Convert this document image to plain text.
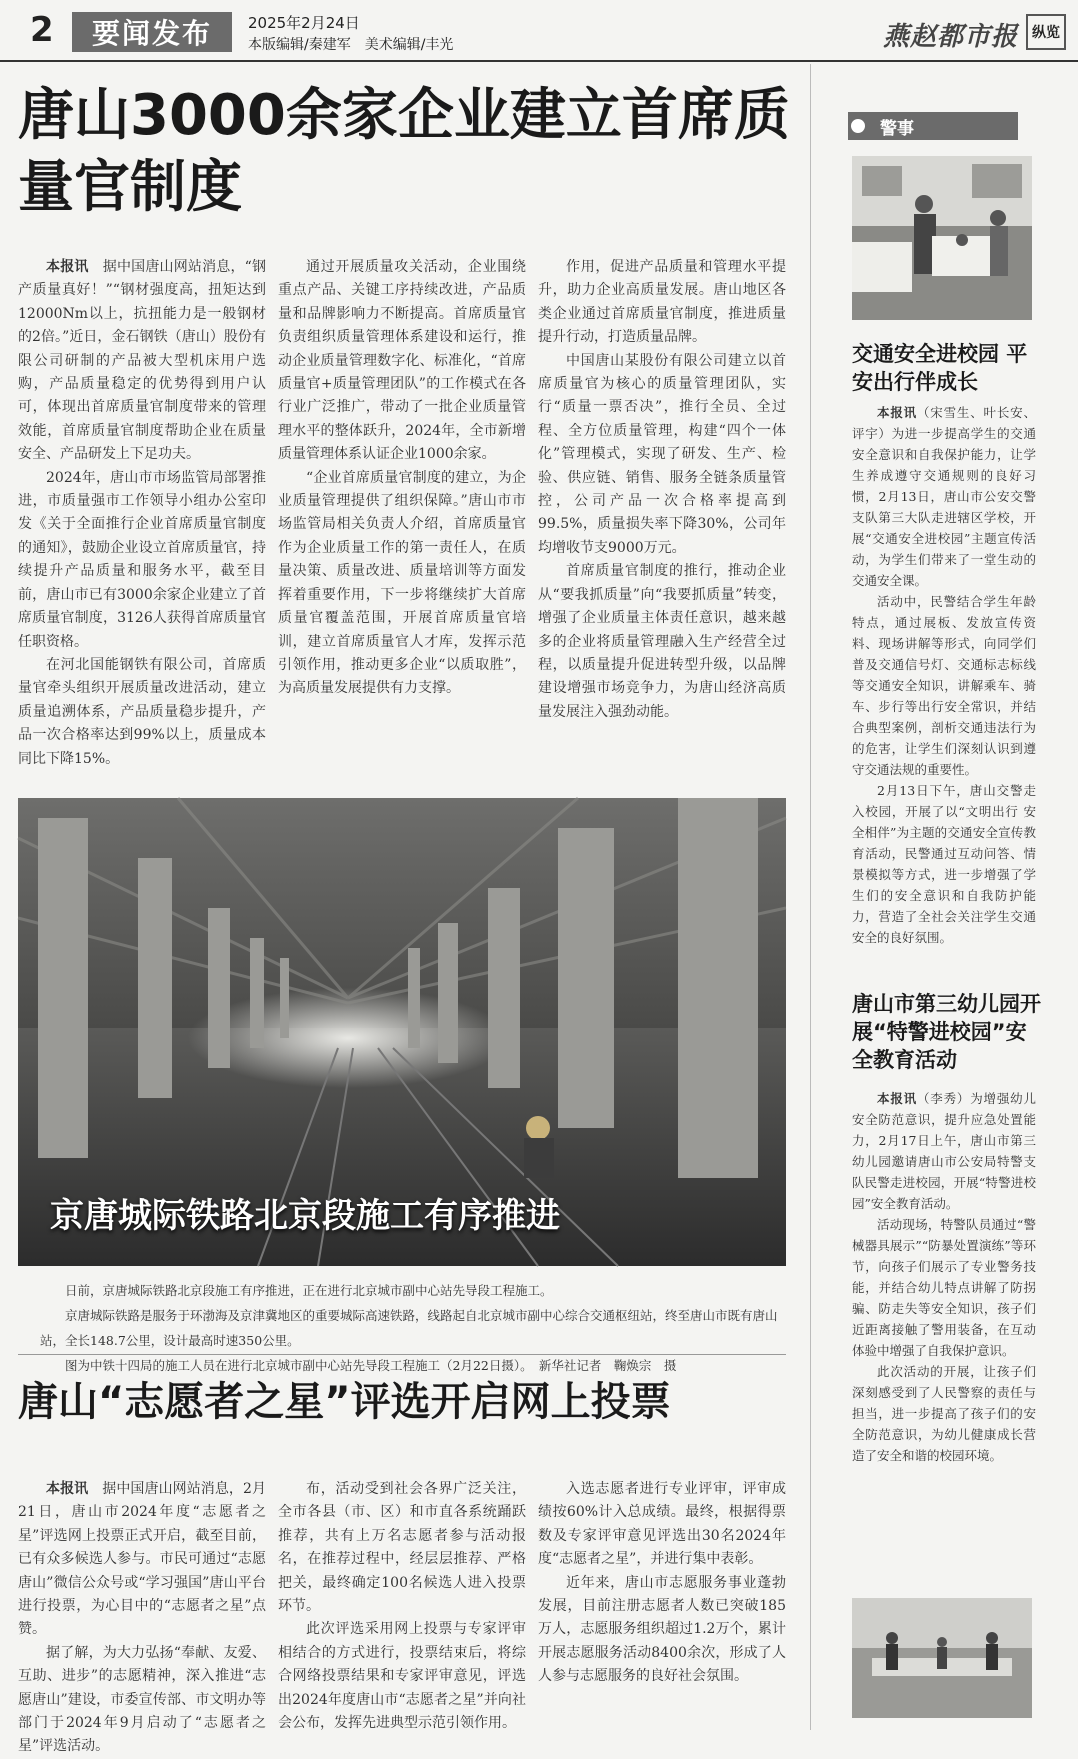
2	要闻发布	2025年2月24日
本版编辑/秦建军　美术编辑/丰光	燕赵都市报	纵览
唐山3000余家企业建立首席质量官制度

本报讯　据中国唐山网站消息，“钢产质量真好！”“钢材强度高，扭矩达到12000Nm以上，抗扭能力是一般钢材的2倍。”近日，金石钢铁（唐山）股份有限公司研制的产品被大型机床用户选购，产品质量稳定的优势得到用户认可，体现出首席质量官制度带来的管理效能，首席质量官制度帮助企业在质量安全、产品研发上下足功夫。

2024年，唐山市市场监管局部署推进，市质量强市工作领导小组办公室印发《关于全面推行企业首席质量官制度的通知》，鼓励企业设立首席质量官，持续提升产品质量和服务水平，截至目前，唐山市已有3000余家企业建立了首席质量官制度，3126人获得首席质量官任职资格。

在河北国能钢铁有限公司，首席质量官牵头组织开展质量改进活动，建立质量追溯体系，产品质量稳步提升，产品一次合格率达到99%以上，质量成本同比下降15%。

通过开展质量攻关活动，企业围绕重点产品、关键工序持续改进，产品质量和品牌影响力不断提高。首席质量官负责组织质量管理体系建设和运行，推动企业质量管理数字化、标准化，“首席质量官+质量管理团队”的工作模式在各行业广泛推广，带动了一批企业质量管理水平的整体跃升，2024年，全市新增质量管理体系认证企业1000余家。

“企业首席质量官制度的建立，为企业质量管理提供了组织保障。”唐山市市场监管局相关负责人介绍，首席质量官作为企业质量工作的第一责任人，在质量决策、质量改进、质量培训等方面发挥着重要作用，下一步将继续扩大首席质量官覆盖范围，开展首席质量官培训，建立首席质量官人才库，发挥示范引领作用，推动更多企业“以质取胜”，为高质量发展提供有力支撑。

作用，促进产品质量和管理水平提升，助力企业高质量发展。唐山地区各类企业通过首席质量官制度，推进质量提升行动，打造质量品牌。

中国唐山某股份有限公司建立以首席质量官为核心的质量管理团队，实行“质量一票否决”，推行全员、全过程、全方位质量管理，构建“四个一体化”管理模式，实现了研发、生产、检验、供应链、销售、服务全链条质量管控，公司产品一次合格率提高到99.5%，质量损失率下降30%，公司年均增收节支9000万元。

首席质量官制度的推行，推动企业从“要我抓质量”向“我要抓质量”转变，增强了企业质量主体责任意识，越来越多的企业将质量管理融入生产经营全过程，以质量提升促进转型升级，以品牌建设增强市场竞争力，为唐山经济高质量发展注入强劲动能。

京唐城际铁路北京段施工有序推进

日前，京唐城际铁路北京段施工有序推进，正在进行北京城市副中心站先导段工程施工。

京唐城际铁路是服务于环渤海及京津冀地区的重要城际高速铁路，线路起自北京城市副中心综合交通枢纽站，终至唐山市既有唐山站，全长148.7公里，设计最高时速350公里。

图为中铁十四局的施工人员在进行北京城市副中心站先导段工程施工（2月22日摄）。　新华社记者　鞠焕宗　摄

唐山“志愿者之星”评选开启网上投票

本报讯　据中国唐山网站消息，2月21日，唐山市2024年度“志愿者之星”评选网上投票正式开启，截至目前，已有众多候选人参与。市民可通过“志愿唐山”微信公众号或“学习强国”唐山平台进行投票，为心目中的“志愿者之星”点赞。

据了解，为大力弘扬“奉献、友爱、互助、进步”的志愿精神，深入推进“志愿唐山”建设，市委宣传部、市文明办等部门于2024年9月启动了“志愿者之星”评选活动。

布，活动受到社会各界广泛关注，全市各县（市、区）和市直各系统踊跃推荐，共有上万名志愿者参与活动报名，在推荐过程中，经层层推荐、严格把关，最终确定100名候选人进入投票环节。

此次评选采用网上投票与专家评审相结合的方式进行，投票结束后，将综合网络投票结果和专家评审意见，评选出2024年度唐山市“志愿者之星”并向社会公布，发挥先进典型示范引领作用。

入选志愿者进行专业评审，评审成绩按60%计入总成绩。最终，根据得票数及专家评审意见评选出30名2024年度“志愿者之星”，并进行集中表彰。

近年来，唐山市志愿服务事业蓬勃发展，目前注册志愿者人数已突破185万人，志愿服务组织超过1.2万个，累计开展志愿服务活动8400余次，形成了人人参与志愿服务的良好社会氛围。

警事
交通安全进校园 平安出行伴成长

本报讯（宋雪生、叶长安、评宇）为进一步提高学生的交通安全意识和自我保护能力，让学生养成遵守交通规则的良好习惯，2月13日，唐山市公安交警支队第三大队走进辖区学校，开展“交通安全进校园”主题宣传活动，为学生们带来了一堂生动的交通安全课。

活动中，民警结合学生年龄特点，通过展板、发放宣传资料、现场讲解等形式，向同学们普及交通信号灯、交通标志标线等交通安全知识，讲解乘车、骑车、步行等出行安全常识，并结合典型案例，剖析交通违法行为的危害，让学生们深刻认识到遵守交通法规的重要性。

2月13日下午，唐山交警走入校园，开展了以“文明出行 安全相伴”为主题的交通安全宣传教育活动，民警通过互动问答、情景模拟等方式，进一步增强了学生们的安全意识和自我防护能力，营造了全社会关注学生交通安全的良好氛围。

唐山市第三幼儿园开展“特警进校园”安全教育活动

本报讯（李秀）为增强幼儿安全防范意识，提升应急处置能力，2月17日上午，唐山市第三幼儿园邀请唐山市公安局特警支队民警走进校园，开展“特警进校园”安全教育活动。

活动现场，特警队员通过“警械器具展示”“防暴处置演练”等环节，向孩子们展示了专业警务技能，并结合幼儿特点讲解了防拐骗、防走失等安全知识，孩子们近距离接触了警用装备，在互动体验中增强了自我保护意识。

此次活动的开展，让孩子们深刻感受到了人民警察的责任与担当，进一步提高了孩子们的安全防范意识，为幼儿健康成长营造了安全和谐的校园环境。
